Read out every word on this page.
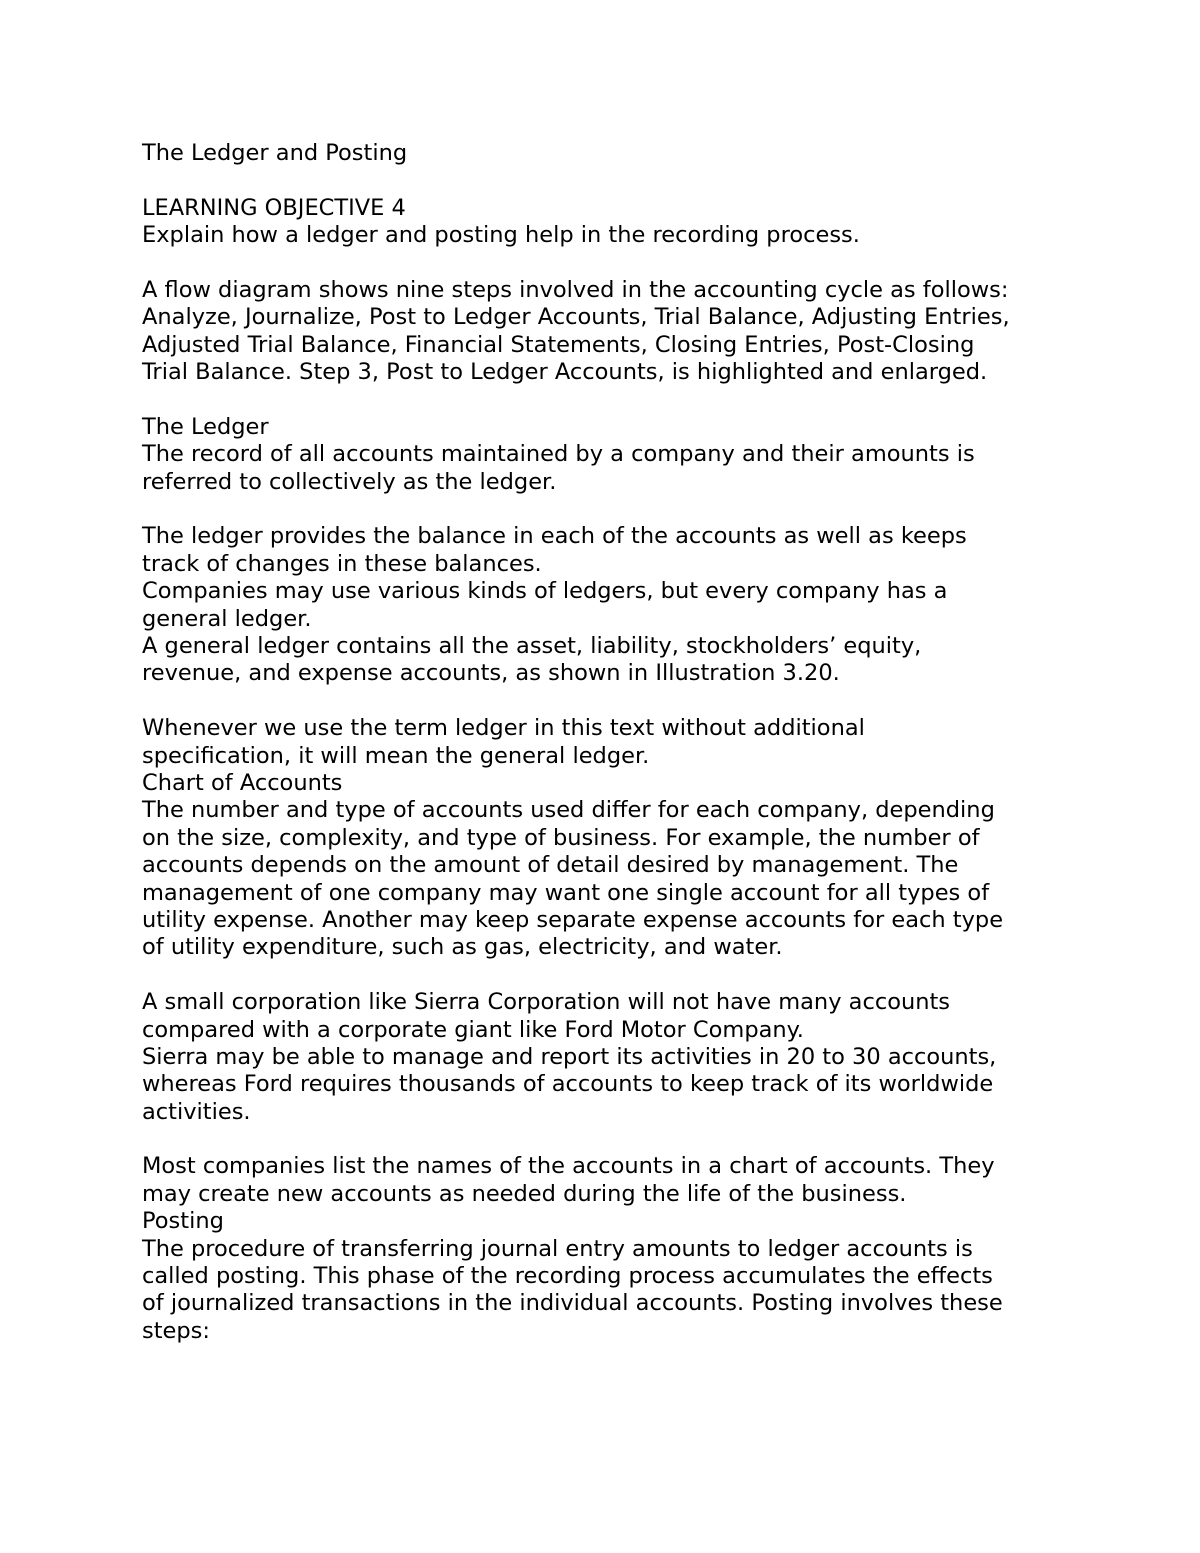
The Ledger and Posting
LEARNING OBJECTIVE 4
Explain how a ledger and posting help in the recording process.
A flow diagram shows nine steps involved in the accounting cycle as follows:
Analyze, Journalize, Post to Ledger Accounts, Trial Balance, Adjusting Entries,
Adjusted Trial Balance, Financial Statements, Closing Entries, Post-Closing
Trial Balance. Step 3, Post to Ledger Accounts, is highlighted and enlarged.
The Ledger
The record of all accounts maintained by a company and their amounts is
referred to collectively as the ledger.
The ledger provides the balance in each of the accounts as well as keeps
track of changes in these balances.
Companies may use various kinds of ledgers, but every company has a
general ledger.
A general ledger contains all the asset, liability, stockholders’ equity,
revenue, and expense accounts, as shown in Illustration 3.20.
Whenever we use the term ledger in this text without additional
specification, it will mean the general ledger.
Chart of Accounts
The number and type of accounts used differ for each company, depending
on the size, complexity, and type of business. For example, the number of
accounts depends on the amount of detail desired by management. The
management of one company may want one single account for all types of
utility expense. Another may keep separate expense accounts for each type
of utility expenditure, such as gas, electricity, and water.
A small corporation like Sierra Corporation will not have many accounts
compared with a corporate giant like Ford Motor Company.
Sierra may be able to manage and report its activities in 20 to 30 accounts,
whereas Ford requires thousands of accounts to keep track of its worldwide
activities.
Most companies list the names of the accounts in a chart of accounts. They
may create new accounts as needed during the life of the business.
Posting
The procedure of transferring journal entry amounts to ledger accounts is
called posting. This phase of the recording process accumulates the effects
of journalized transactions in the individual accounts. Posting involves these
steps:
